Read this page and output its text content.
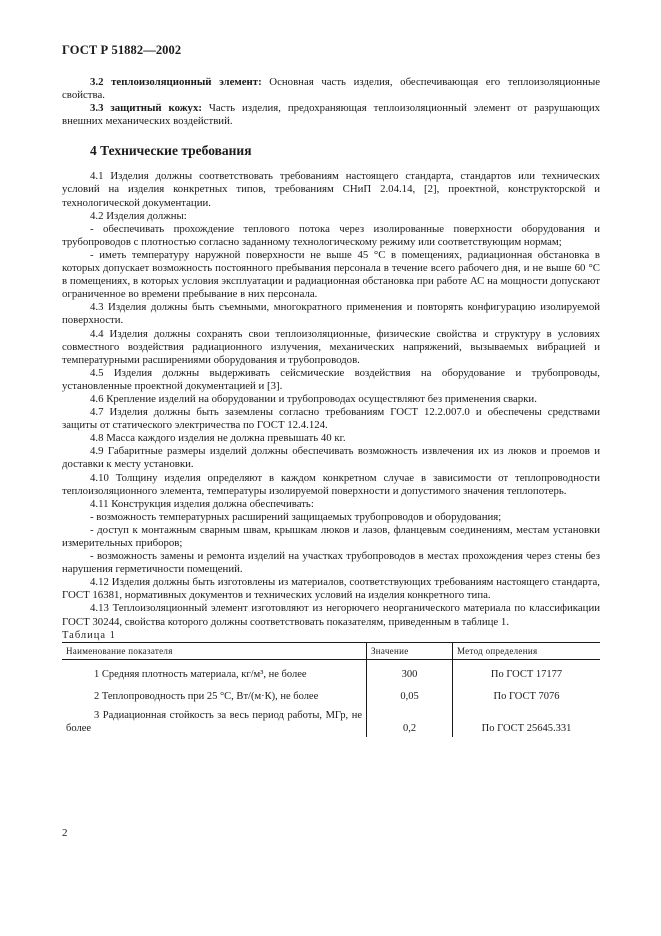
ГОСТ Р 51882—2002

3.2 теплоизоляционный элемент: Основная часть изделия, обеспечивающая его теплоизоляционные свойства.

3.3 защитный кожух: Часть изделия, предохраняющая теплоизоляционный элемент от разрушающих внешних механических воздействий.

4 Технические требования

4.1 Изделия должны соответствовать требованиям настоящего стандарта, стандартов или технических условий на изделия конкретных типов, требованиям СНиП 2.04.14, [2], проектной, конструкторской и технологической документации.

4.2 Изделия должны:

- обеспечивать прохождение теплового потока через изолированные поверхности оборудования и трубопроводов с плотностью согласно заданному технологическому режиму или соответствующим нормам;

- иметь температуру наружной поверхности не выше 45 °С в помещениях, радиационная обстановка в которых допускает возможность постоянного пребывания персонала в течение всего рабочего дня, и не выше 60 °С в помещениях, в которых условия эксплуатации и радиационная обстановка при работе АС на мощности допускают ограниченное во времени пребывание в них персонала.

4.3 Изделия должны быть съемными, многократного применения и повторять конфигурацию изолируемой поверхности.

4.4 Изделия должны сохранять свои теплоизоляционные, физические свойства и структуру в условиях совместного воздействия радиационного излучения, механических напряжений, вызываемых вибрацией и температурными расширениями оборудования и трубопроводов.

4.5 Изделия должны выдерживать сейсмические воздействия на оборудование и трубопроводы, установленные проектной документацией и [3].

4.6 Крепление изделий на оборудовании и трубопроводах осуществляют без применения сварки.

4.7 Изделия должны быть заземлены согласно требованиям ГОСТ 12.2.007.0 и обеспечены средствами защиты от статического электричества по ГОСТ 12.4.124.

4.8 Масса каждого изделия не должна превышать 40 кг.

4.9 Габаритные размеры изделий должны обеспечивать возможность извлечения их из люков и проемов и доставки к месту установки.

4.10 Толщину изделия определяют в каждом конкретном случае в зависимости от теплопроводности теплоизоляционного элемента, температуры изолируемой поверхности и допустимого значения теплопотерь.

4.11 Конструкция изделия должна обеспечивать:

- возможность температурных расширений защищаемых трубопроводов и оборудования;

- доступ к монтажным сварным швам, крышкам люков и лазов, фланцевым соединениям, местам установки измерительных приборов;

- возможность замены и ремонта изделий на участках трубопроводов в местах прохождения через стены без нарушения герметичности помещений.

4.12 Изделия должны быть изготовлены из материалов, соответствующих требованиям настоящего стандарта, ГОСТ 16381, нормативных документов и технических условий на изделия конкретного типа.

4.13 Теплоизоляционный элемент изготовляют из негорючего неорганического материала по классификации ГОСТ 30244, свойства которого должны соответствовать показателям, приведенным в таблице 1.

Таблица 1

Наименование показателя	Значение	Метод определения
1 Средняя плотность материала, кг/м³, не более	300	По ГОСТ 17177
2 Теплопроводность при 25 °С, Вт/(м·К), не более	0,05	По ГОСТ 7076
3 Радиационная стойкость за весь период работы, МГр, не более	0,2	По ГОСТ 25645.331
2
